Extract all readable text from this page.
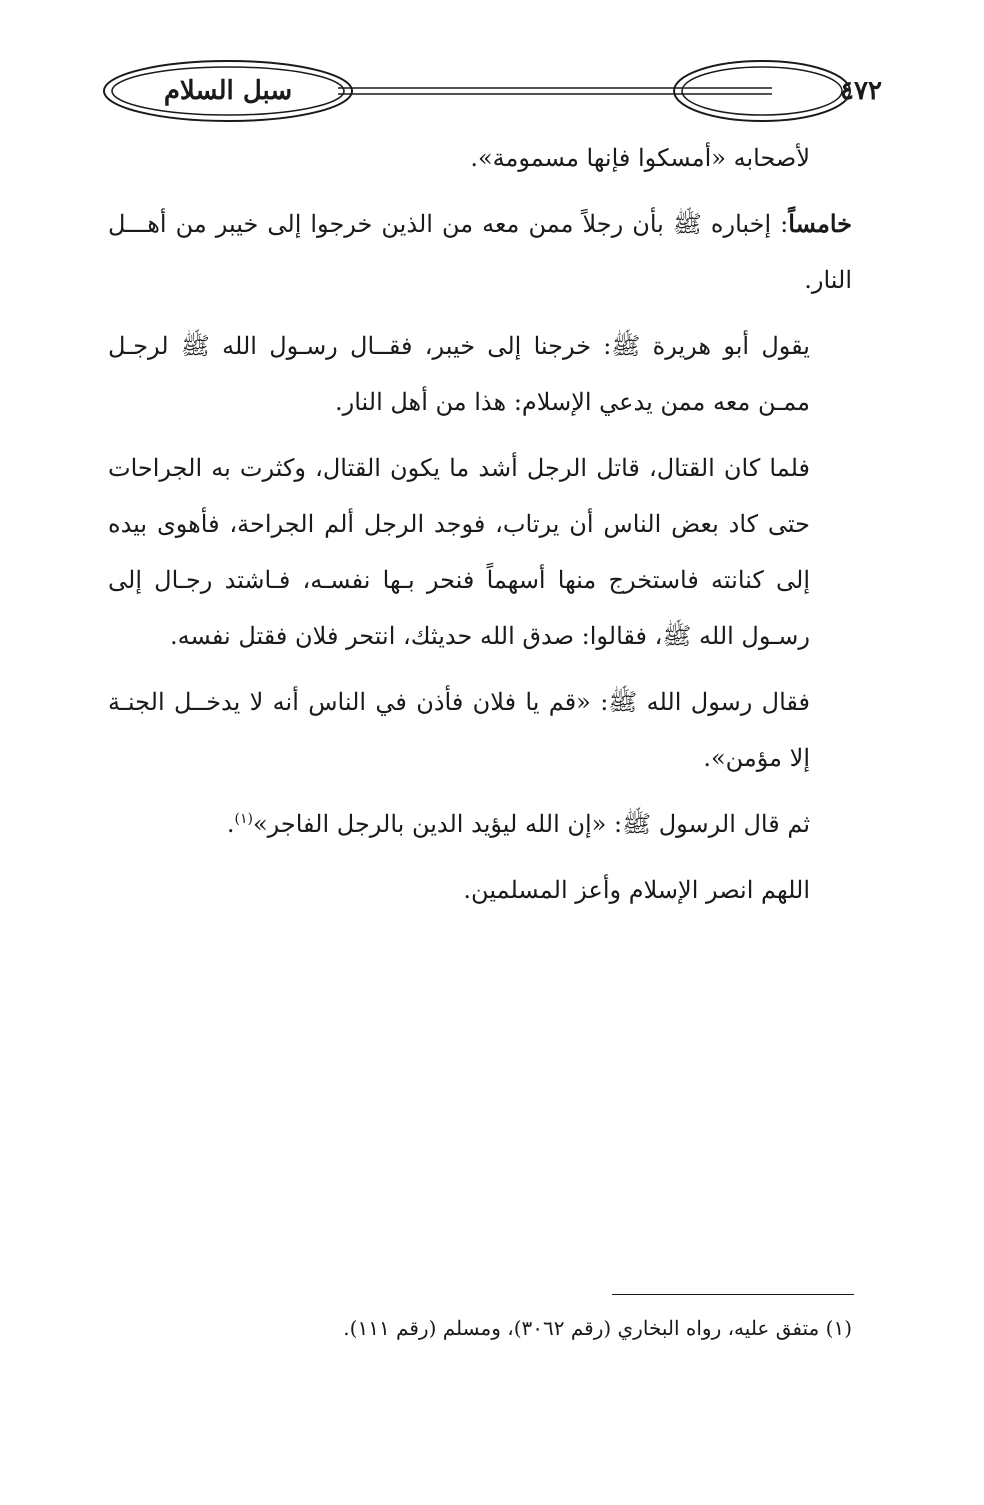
سبل السلام	٤٧٢

لأصحابه «أمسكوا فإنها مسمومة».

خامساً: إخباره ﷺ بأن رجلاً ممن معه من الذين خرجوا إلى خيبر من أهـــل النار.

يقول أبو هريرة ﷺ: خرجنا إلى خيبر، فقــال رسـول الله ﷺ لرجـل ممـن معه ممن يدعي الإسلام: هذا من أهل النار.

فلما كان القتال، قاتل الرجل أشد ما يكون القتال، وكثرت به الجراحات حتى كاد بعض الناس أن يرتاب، فوجد الرجل ألم الجراحة، فأهوى بيده إلى كنانته فاستخرج منها أسهماً فنحر بـها نفسـه، فـاشتد رجـال إلى رسـول الله ﷺ، فقالوا: صدق الله حديثك، انتحر فلان فقتل نفسه.

فقال رسول الله ﷺ: «قم يا فلان فأذن في الناس أنه لا يدخــل الجنـة إلا مؤمن».

ثم قال الرسول ﷺ: «إن الله ليؤيد الدين بالرجل الفاجر»$^{(١)}$.

اللهم انصر الإسلام وأعز المسلمين.

(١) متفق عليه، رواه البخاري (رقم ٣٠٦٢)، ومسلم (رقم ١١١).
